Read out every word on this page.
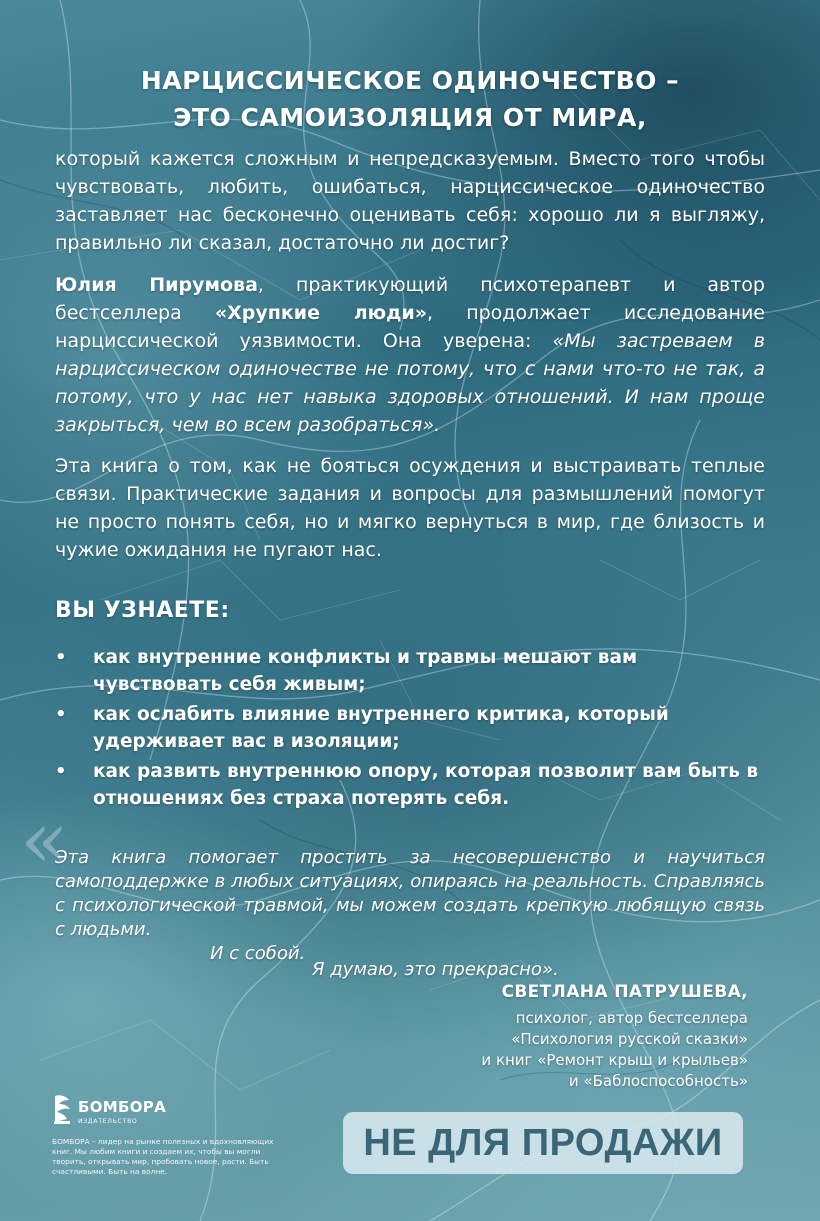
НАРЦИССИЧЕСКОЕ ОДИНОЧЕСТВО –
ЭТО САМОИЗОЛЯЦИЯ ОТ МИРА,

который кажется сложным и непредсказуемым. Вместо того чтобы чувствовать, любить, ошибаться, нарциссическое одиночество заставляет нас бесконечно оценивать себя: хорошо ли я выгляжу, правильно ли сказал, достаточно ли достиг?

Юлия Пирумова, практикующий психотерапевт и автор бестселлера «Хрупкие люди», продолжает исследование нарциссической уязвимости. Она уверена: «Мы застреваем в нарциссическом одиночестве не потому, что с нами что-то не так, а потому, что у нас нет навыка здоровых отношений. И нам проще закрыться, чем во всем разобраться».

Эта книга о том, как не бояться осуждения и выстраивать теплые связи. Практические задания и вопросы для размышлений помогут не просто понять себя, но и мягко вернуться в мир, где близость и чужие ожидания не пугают нас.

ВЫ УЗНАЕТЕ:
• как внутренние конфликты и травмы мешают вам чувствовать себя живым;
• как ослабить влияние внутреннего критика, который удерживает вас в изоляции;
• как развить внутреннюю опору, которая позволит вам быть в отношениях без страха потерять себя.
«

Эта книга помогает простить за несовершенство и научиться самоподдержке в любых ситуациях, опираясь на реальность. Справляясь с психологической травмой, мы можем создать крепкую любящую связь с людьми.

И с собой.
Я думаю, это прекрасно».
СВЕТЛАНА ПАТРУШЕВА,
психолог, автор бестселлера
«Психология русской сказки»
и книг «Ремонт крыш и крыльев»
и «Баблоспособность»
БОМБОРА
ИЗДАТЕЛЬСТВО

БОМБОРА – лидер на рынке полезных и вдохновляющих книг. Мы любим книги и создаем их, чтобы вы могли творить, открывать мир, пробовать новое, расти. Быть счастливыми. Быть на волне.

НЕ ДЛЯ ПРОДАЖИ
